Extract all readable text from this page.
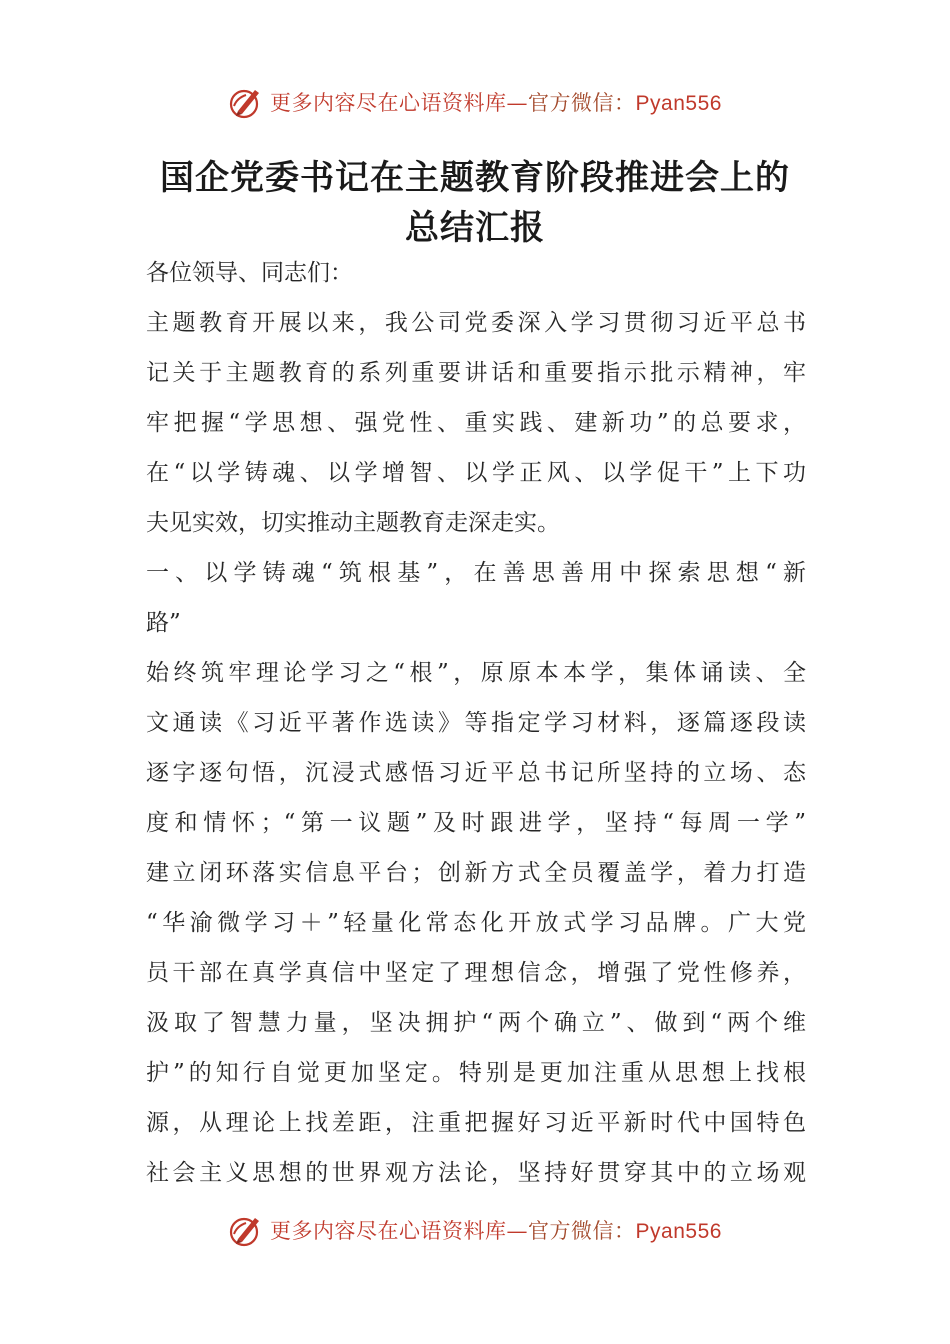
更多内容尽在心语资料库—官方微信：Pyan556
国企党委书记在主题教育阶段推进会上的
总结汇报
各位领导、同志们：
主题教育开展以来，我公司党委深入学习贯彻习近平总书
记关于主题教育的系列重要讲话和重要指示批示精神，牢
牢把握“学思想、强党性、重实践、建新功”的总要求，
在“以学铸魂、以学增智、以学正风、以学促干”上下功
夫见实效，切实推动主题教育走深走实。
一、以学铸魂“筑根基”，在善思善用中探索思想“新
路”
始终筑牢理论学习之“根”，原原本本学，集体诵读、全
文通读《习近平著作选读》等指定学习材料，逐篇逐段读
逐字逐句悟，沉浸式感悟习近平总书记所坚持的立场、态
度和情怀；“第一议题”及时跟进学，坚持“每周一学”
建立闭环落实信息平台；创新方式全员覆盖学，着力打造
“华渝微学习＋”轻量化常态化开放式学习品牌。广大党
员干部在真学真信中坚定了理想信念，增强了党性修养，
汲取了智慧力量，坚决拥护“两个确立”、做到“两个维
护”的知行自觉更加坚定。特别是更加注重从思想上找根
源，从理论上找差距，注重把握好习近平新时代中国特色
社会主义思想的世界观方法论，坚持好贯穿其中的立场观
更多内容尽在心语资料库—官方微信：Pyan556
